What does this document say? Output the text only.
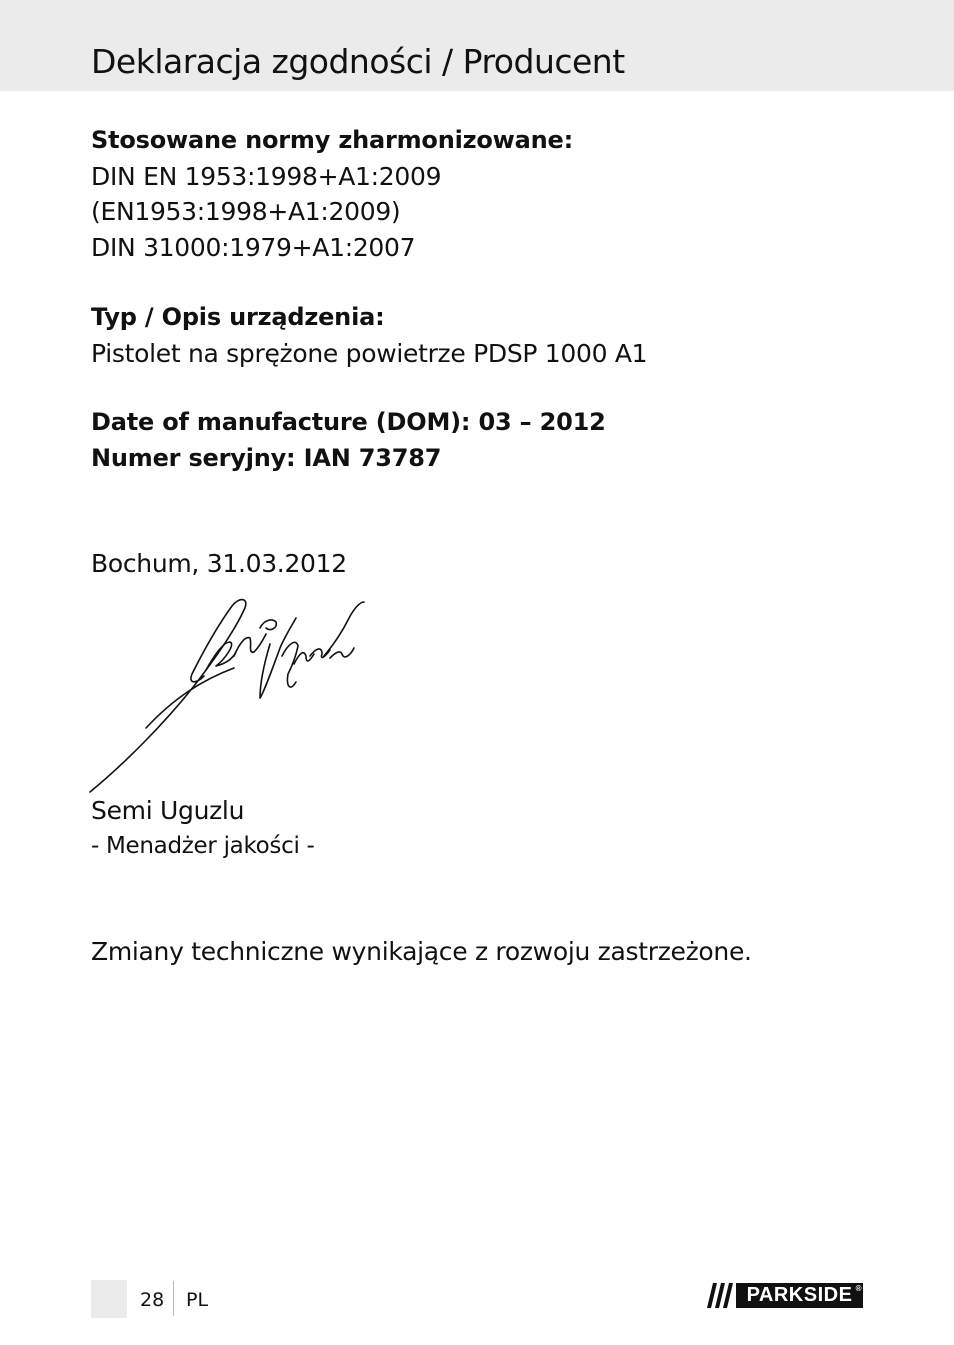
Deklaracja zgodności / Producent
Stosowane normy zharmonizowane:
DIN EN 1953:1998+A1:2009
(EN1953:1998+A1:2009)
DIN 31000:1979+A1:2007
Typ / Opis urządzenia:
Pistolet na sprężone powietrze PDSP 1000 A1
Date of manufacture (DOM): 03 – 2012
Numer seryjny: IAN 73787
Bochum, 31.03.2012
Semi Uguzlu
- Menadżer jakości -
Zmiany techniczne wynikające z rozwoju zastrzeżone.
28 PL	PARKSIDE ®
